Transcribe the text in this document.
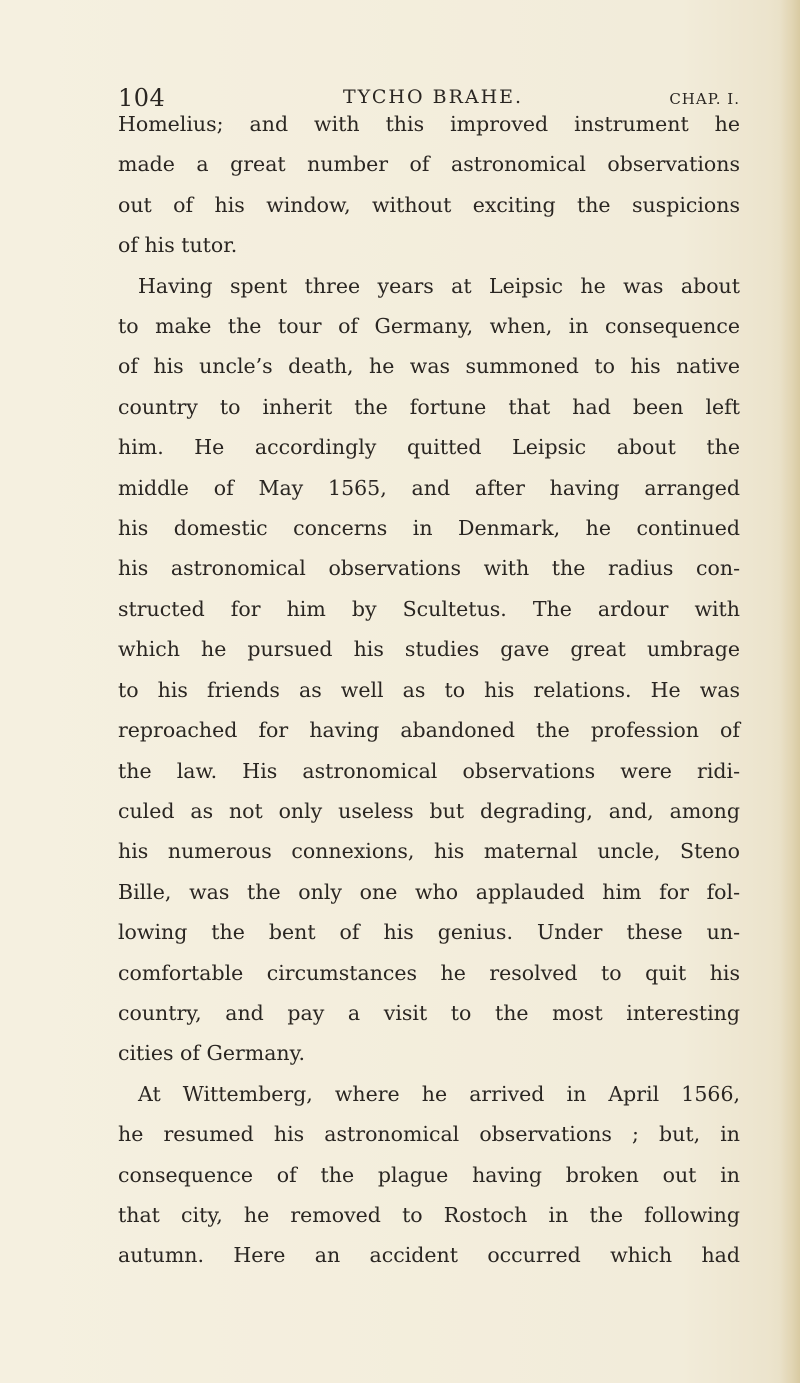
104	TYCHO BRAHE.	CHAP. I.
Homelius; and with this improved instrument he
made a great number of astronomical observations
out of his window, without exciting the suspicions
of his tutor.
Having spent three years at Leipsic he was about
to make the tour of Germany, when, in consequence
of his uncle’s death, he was summoned to his native
country to inherit the fortune that had been left
him. He accordingly quitted Leipsic about the
middle of May 1565, and after having arranged
his domestic concerns in Denmark, he continued
his astronomical observations with the radius con-
structed for him by Scultetus. The ardour with
which he pursued his studies gave great umbrage
to his friends as well as to his relations. He was
reproached for having abandoned the profession of
the law. His astronomical observations were ridi-
culed as not only useless but degrading, and, among
his numerous connexions, his maternal uncle, Steno
Bille, was the only one who applauded him for fol-
lowing the bent of his genius. Under these un-
comfortable circumstances he resolved to quit his
country, and pay a visit to the most interesting
cities of Germany.
At Wittemberg, where he arrived in April 1566,
he resumed his astronomical observations ; but, in
consequence of the plague having broken out in
that city, he removed to Rostoch in the following
autumn. Here an accident occurred which had
